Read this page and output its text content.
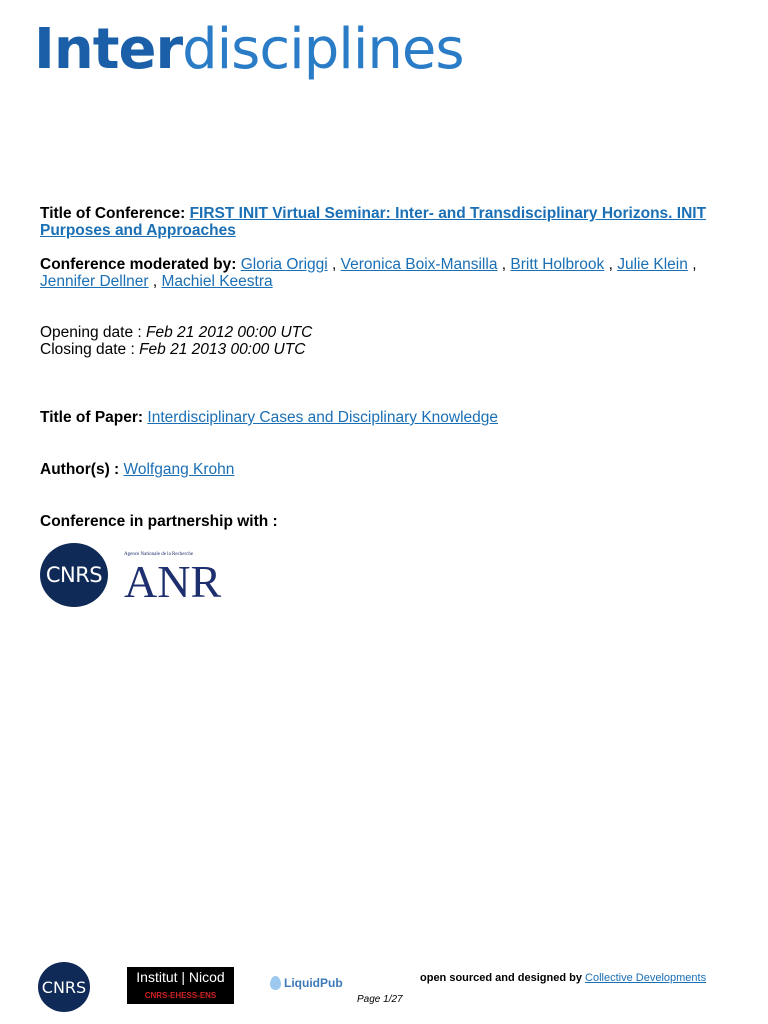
Interdisciplines

Title of Conference: FIRST INIT Virtual Seminar: Inter- and Transdisciplinary Horizons. INIT Purposes and Approaches

Conference moderated by: Gloria Origgi , Veronica Boix-Mansilla , Britt Holbrook , Julie Klein , Jennifer Dellner , Machiel Keestra

Opening date : Feb 21 2012 00:00 UTC
Closing date : Feb 21 2013 00:00 UTC

Title of Paper: Interdisciplinary Cases and Disciplinary Knowledge

Author(s) : Wolfgang Krohn

Conference in partnership with :

CNRS
Agence Nationale de la Recherche
ANR
CNRS
Institut | Nicod
CNRS-EHESS-ENS
LiquidPub	open sourced and designed by Collective Developments
Page 1/27
